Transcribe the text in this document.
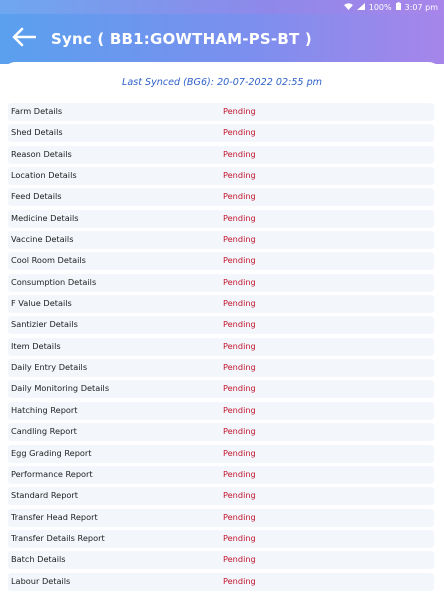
100% 3:07 pm
Sync ( BB1:GOWTHAM-PS-BT )
Last Synced (BG6): 20-07-2022 02:55 pm
Farm Details	Pending
Shed Details	Pending
Reason Details	Pending
Location Details	Pending
Feed Details	Pending
Medicine Details	Pending
Vaccine Details	Pending
Cool Room Details	Pending
Consumption Details	Pending
F Value Details	Pending
Santizier Details	Pending
Item Details	Pending
Daily Entry Details	Pending
Daily Monitoring Details	Pending
Hatching Report	Pending
Candling Report	Pending
Egg Grading Report	Pending
Performance Report	Pending
Standard Report	Pending
Transfer Head Report	Pending
Transfer Details Report	Pending
Batch Details	Pending
Labour Details	Pending
